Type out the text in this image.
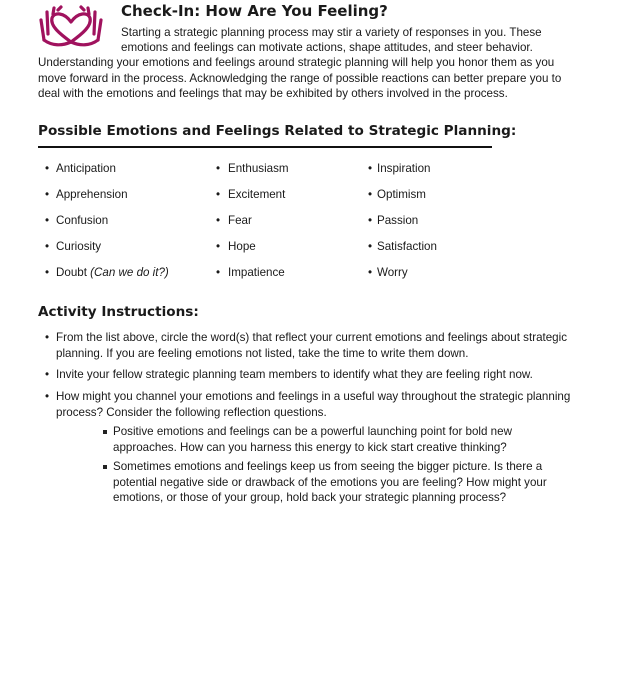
Check-In: How Are You Feeling?
Starting a strategic planning process may stir a variety of responses in you. These
emotions and feelings can motivate actions, shape attitudes, and steer behavior.
Understanding your emotions and feelings around strategic planning will help you honor them as you
move forward in the process. Acknowledging the range of possible reactions can better prepare you to
deal with the emotions and feelings that may be exhibited by others involved in the process.
Possible Emotions and Feelings Related to Strategic Planning:
• Anticipation
• Apprehension
• Confusion
• Curiosity
• Doubt (Can we do it?)
• Enthusiasm
• Excitement
• Fear
• Hope
• Impatience
• Inspiration
• Optimism
• Passion
• Satisfaction
• Worry
Activity Instructions:
• From the list above, circle the word(s) that reflect your current emotions and feelings about strategic
planning. If you are feeling emotions not listed, take the time to write them down.
• Invite your fellow strategic planning team members to identify what they are feeling right now.
• How might you channel your emotions and feelings in a useful way throughout the strategic planning
process? Consider the following reflection questions.
Positive emotions and feelings can be a powerful launching point for bold new
approaches. How can you harness this energy to kick start creative thinking?
Sometimes emotions and feelings keep us from seeing the bigger picture. Is there a
potential negative side or drawback of the emotions you are feeling? How might your
emotions, or those of your group, hold back your strategic planning process?
